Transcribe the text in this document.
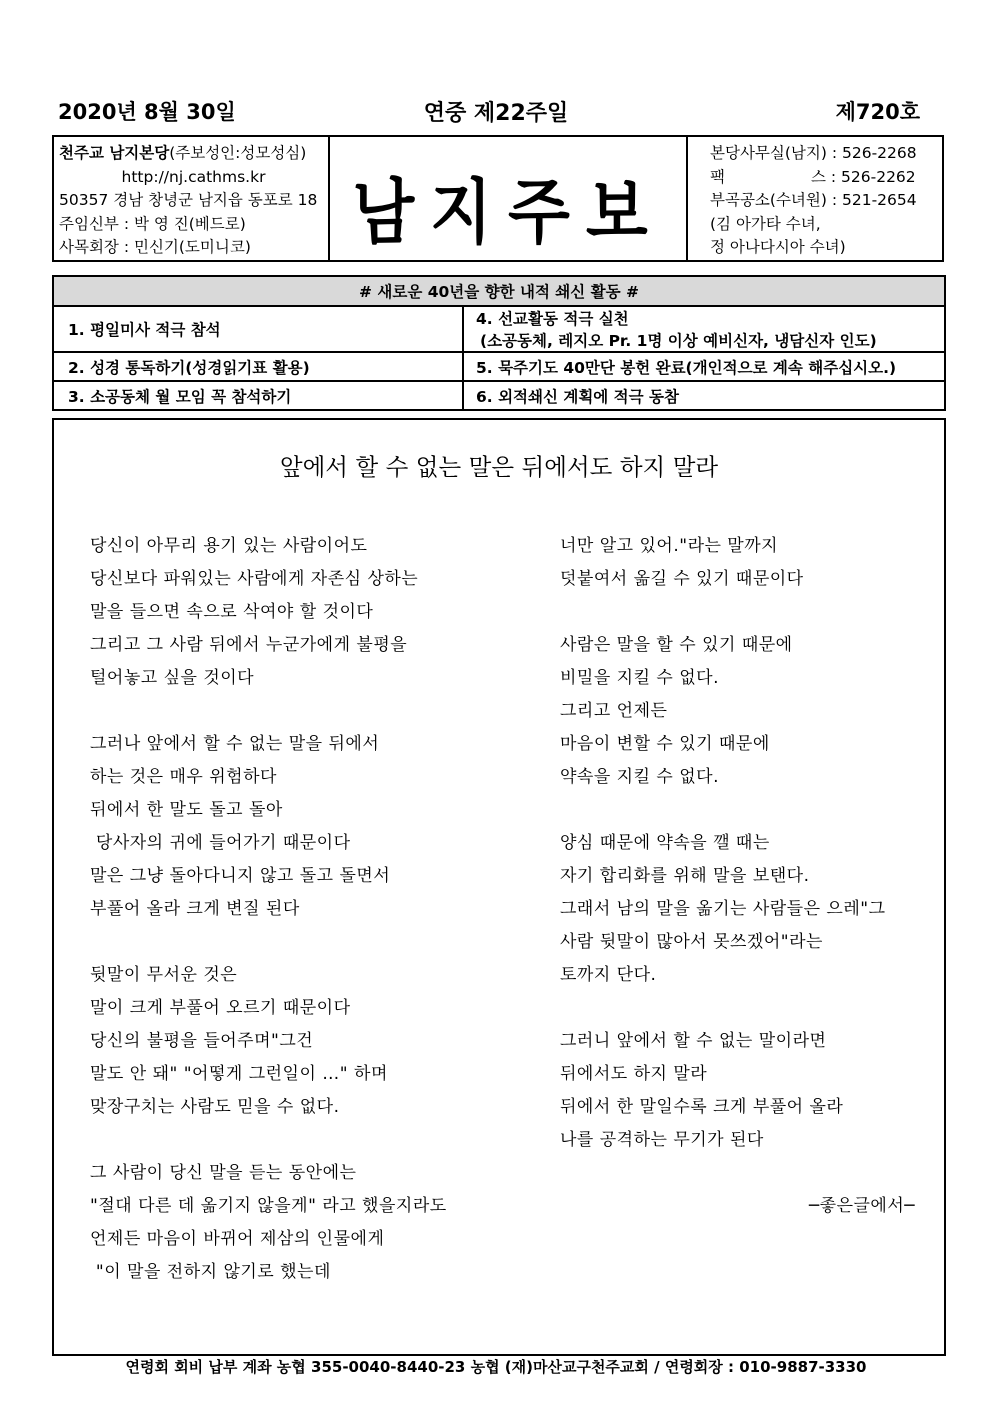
2020년 8월 30일	연중 제22주일	제720호
천주교 남지본당(주보성인:성모성심)
http://nj.cathms.kr
50357 경남 창녕군 남지읍 동포로 18
주임신부 : 박 영 진(베드로)
사목회장 : 민신기(도미니코)	남지주보
본당사무실(남지) : 526-2268
팩	스 : 526-2262
부곡공소(수녀원) : 521-2654
(김 아가타 수녀,
정 아나다시아 수녀)
# 새로운 40년을 향한 내적 쇄신 활동 #	
1. 평일미사 적극 참석	4. 선교활동 적극 실천
(소공동체, 레지오 Pr. 1명 이상 예비신자, 냉담신자 인도)

2. 성경 통독하기(성경읽기표 활용)	5. 묵주기도 40만단 봉헌 완료(개인적으로 계속 해주십시오.)
3. 소공동체 월 모임 꼭 참석하기	6. 외적쇄신 계획에 적극 동참
앞에서 할 수 없는 말은 뒤에서도 하지 말라
당신이 아무리 용기 있는 사람이어도
당신보다 파워있는 사람에게 자존심 상하는
말을 들으면 속으로 삭여야 할 것이다
그리고 그 사람 뒤에서 누군가에게 불평을
털어놓고 싶을 것이다
그러나 앞에서 할 수 없는 말을 뒤에서
하는 것은 매우 위험하다
뒤에서 한 말도 돌고 돌아
당사자의 귀에 들어가기 때문이다
말은 그냥 돌아다니지 않고 돌고 돌면서
부풀어 올라 크게 변질 된다
뒷말이 무서운 것은
말이 크게 부풀어 오르기 때문이다
당신의 불평을 들어주며"그건
말도 안 돼" "어떻게 그런일이 …" 하며
맞장구치는 사람도 믿을 수 없다.
그 사람이 당신 말을 듣는 동안에는
"절대 다른 데 옮기지 않을게" 라고 했을지라도
언제든 마음이 바뀌어 제삼의 인물에게
"이 말을 전하지 않기로 했는데
너만 알고 있어."라는 말까지
덧붙여서 옮길 수 있기 때문이다
사람은 말을 할 수 있기 때문에
비밀을 지킬 수 없다.
그리고 언제든
마음이 변할 수 있기 때문에
약속을 지킬 수 없다.
양심 때문에 약속을 깰 때는
자기 합리화를 위해 말을 보탠다.
그래서 남의 말을 옮기는 사람들은 으레"그
사람 뒷말이 많아서 못쓰겠어"라는
토까지 단다.
그러니 앞에서 할 수 없는 말이라면
뒤에서도 하지 말라
뒤에서 한 말일수록 크게 부풀어 올라
나를 공격하는 무기가 된다
─좋은글에서─
연령회 회비 납부 계좌 농협 355-0040-8440-23 농협 (재)마산교구천주교회 / 연령회장 : 010-9887-3330
